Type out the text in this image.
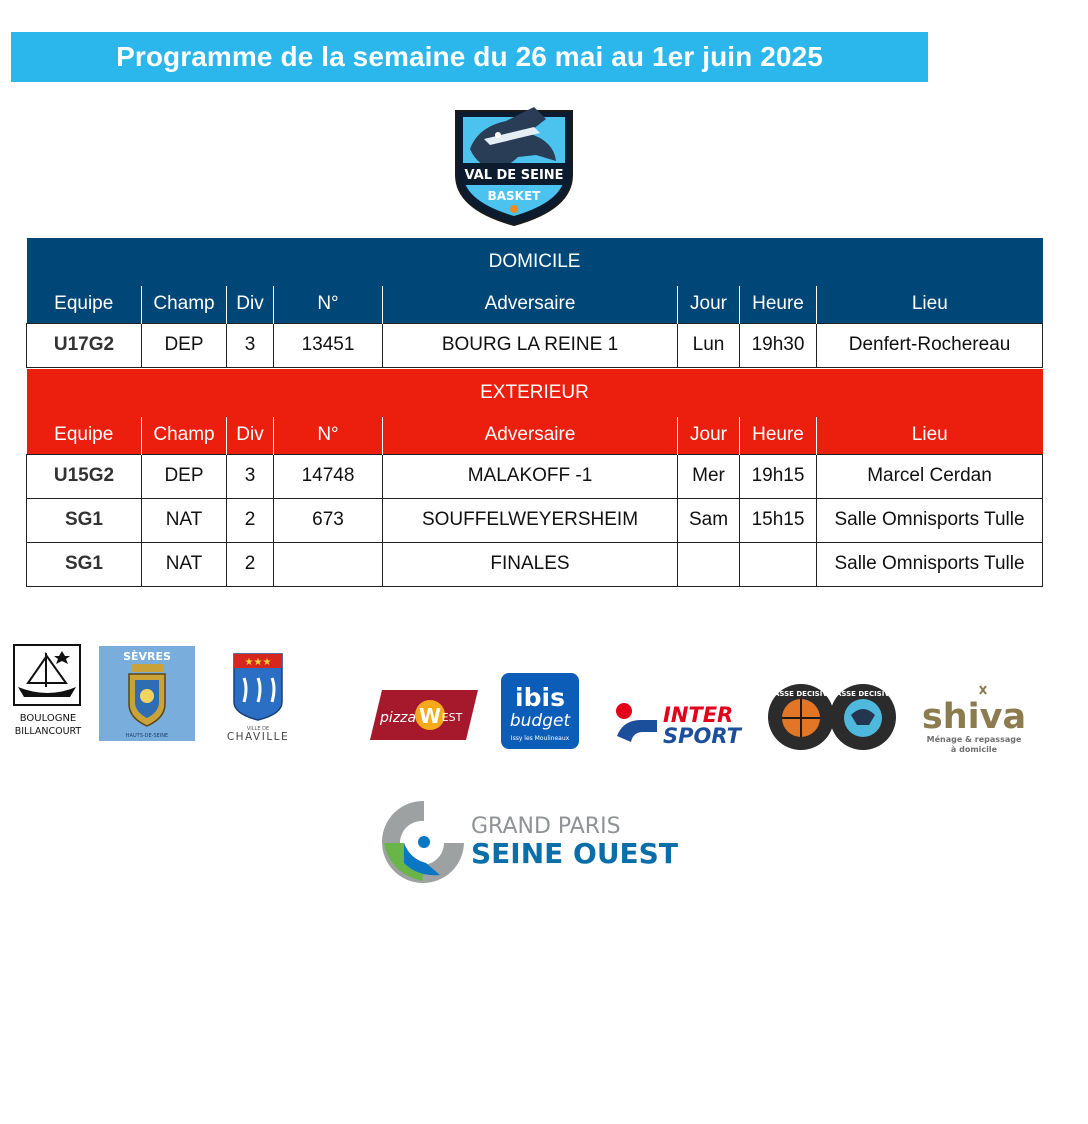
Programme de la semaine du 26 mai au 1er juin 2025
VAL DE SEINE
BASKET
DOMICILE							
Equipe	Champ	Div	N°	Adversaire	Jour	Heure	Lieu
U17G2	DEP	3	13451	BOURG LA REINE 1	Lun	19h30	Denfert-Rochereau
EXTERIEUR							
Equipe	Champ	Div	N°	Adversaire	Jour	Heure	Lieu
U15G2	DEP	3	14748	MALAKOFF -1	Mer	19h15	Marcel Cerdan
SG1	NAT	2	673	SOUFFELWEYERSHEIM	Sam	15h15	Salle Omnisports Tulle
SG1	NAT	2		FINALES			Salle Omnisports Tulle
BOULOGNE
BILLANCOURT
SÈVRES
HAUTS-DE-SEINE
★★★
VILLE DE
CHAVILLE
pizza W EST
ibis
budget
Issy les Moulineaux
INTER
SPORT
PASSE DECISIVE
PASSE DECISIVE
shiva
Ménage & repassage
à domicile
GRAND PARIS
SEINE OUEST
